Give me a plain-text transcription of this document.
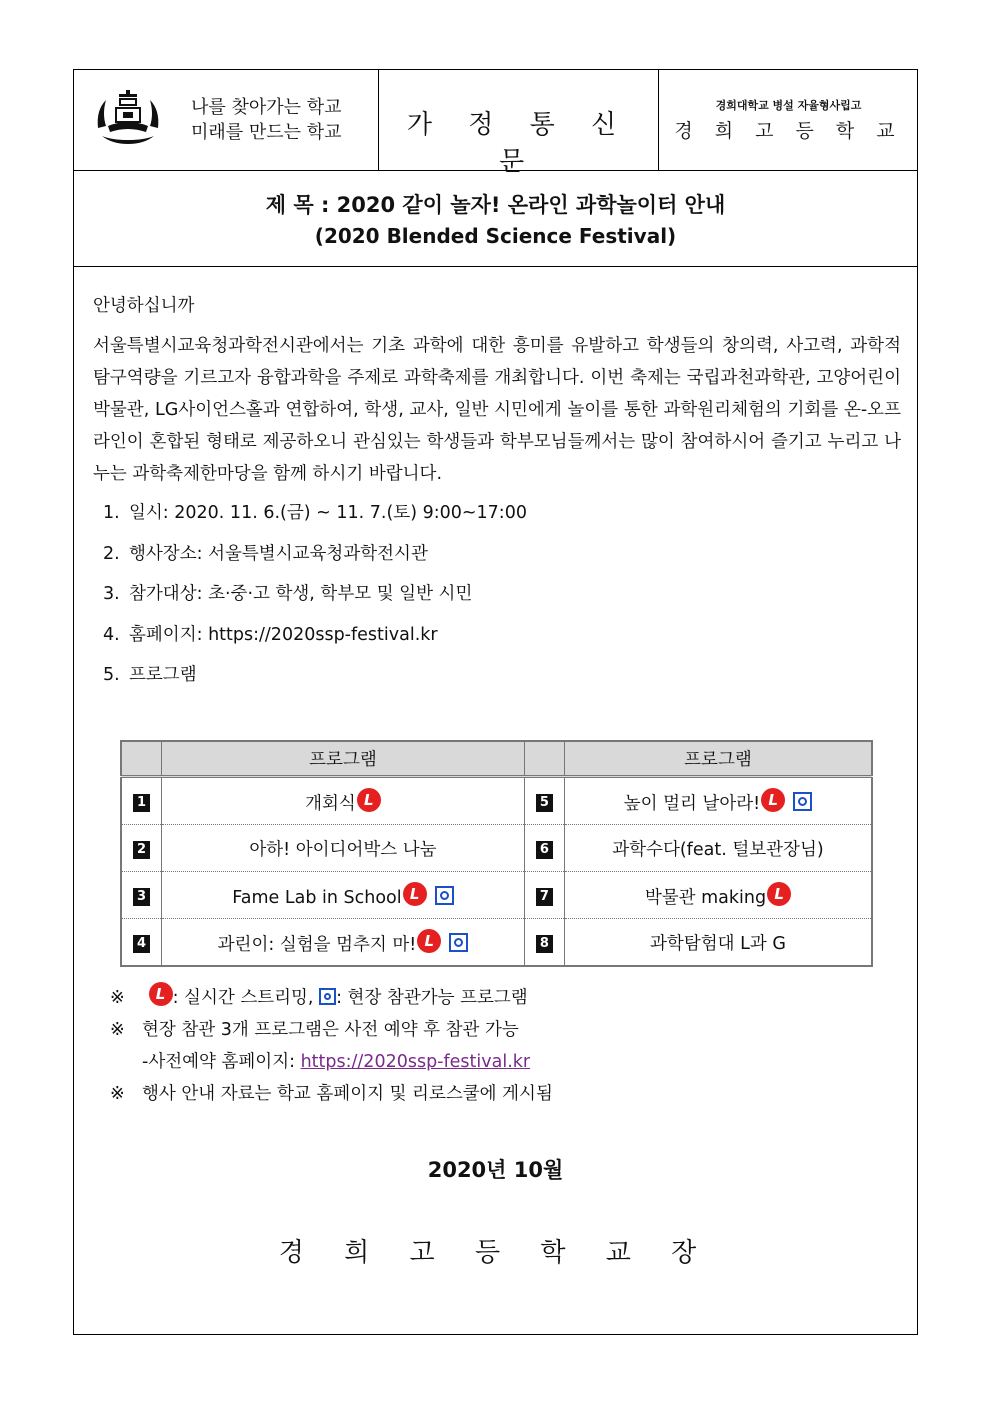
나를 찾아가는 학교
미래를 만드는 학교	가 정 통 신 문
경희대학교 병설 자율형사립고
경 희 고 등 학 교
제 목 : 2020 같이 놀자! 온라인 과학놀이터 안내
(2020 Blended Science Festival)

안녕하십니까

서울특별시교육청과학전시관에서는 기초 과학에 대한 흥미를 유발하고 학생들의 창의력, 사고력, 과학적 탐구역량을 기르고자 융합과학을 주제로 과학축제를 개최합니다. 이번 축제는 국립과천과학관, 고양어린이박물관, LG사이언스홀과 연합하여, 학생, 교사, 일반 시민에게 놀이를 통한 과학원리체험의 기회를 온-오프라인이 혼합된 형태로 제공하오니 관심있는 학생들과 학부모님들께서는 많이 참여하시어 즐기고 누리고 나누는 과학축제한마당을 함께 하시기 바랍니다.

1. 일시: 2020. 11. 6.(금) ~ 11. 7.(토) 9:00~17:00
2. 행사장소: 서울특별시교육청과학전시관
3. 참가대상: 초·중·고 학생, 학부모 및 일반 시민
4. 홈페이지: https://2020ssp-festival.kr
5. 프로그램
	프로그램		프로그램
1	개회식 L	5	높이 멀리 날아라! L
2	아하! 아이디어박스 나눔	6	과학수다(feat. 털보관장님)
3	Fame Lab in School L	7	박물관 making L
4	과린이: 실험을 멈추지 마! L	8	과학탐험대 L과 G
※ L : 실시간 스트리밍, : 현장 참관가능 프로그램
※ 현장 참관 3개 프로그램은 사전 예약 후 참관 가능
-사전예약 홈페이지: https://2020ssp-festival.kr
※ 행사 안내 자료는 학교 홈페이지 및 리로스쿨에 게시됨
2020년 10월
경 희 고 등 학 교 장
